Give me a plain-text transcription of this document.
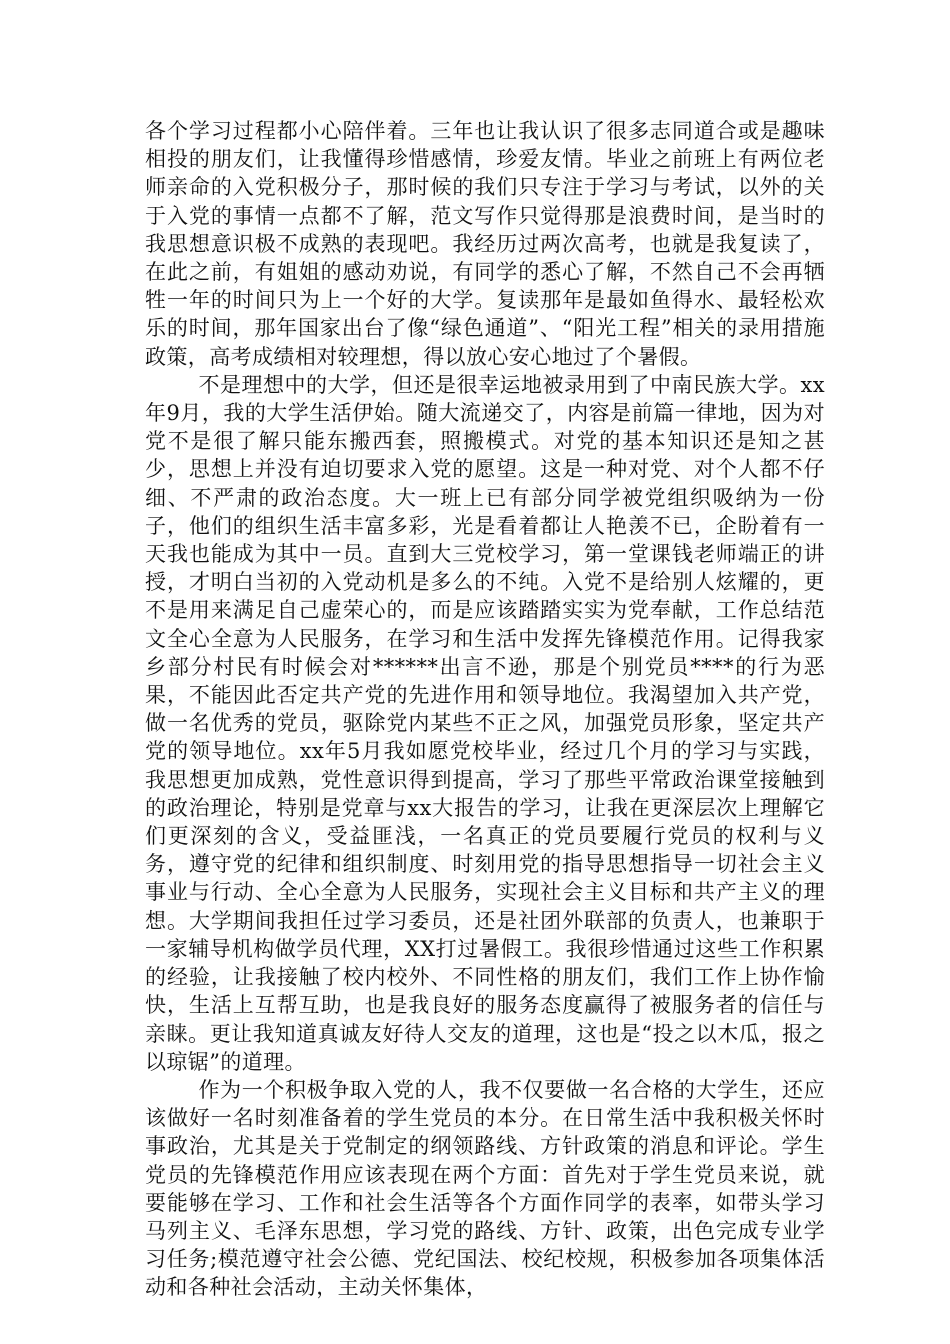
各个学习过程都小心陪伴着。三年也让我认识了很多志同道合或是趣味相投的朋友们，让我懂得珍惜感情，珍爱友情。毕业之前班上有两位老师亲命的入党积极分子，那时候的我们只专注于学习与考试，以外的关于入党的事情一点都不了解，范文写作只觉得那是浪费时间，是当时的我思想意识极不成熟的表现吧。我经历过两次高考，也就是我复读了，在此之前，有姐姐的感动劝说，有同学的悉心了解，不然自己不会再牺牲一年的时间只为上一个好的大学。复读那年是最如鱼得水、最轻松欢乐的时间，那年国家出台了像“绿色通道”、“阳光工程”相关的录用措施政策，高考成绩相对较理想，得以放心安心地过了个暑假。

不是理想中的大学，但还是很幸运地被录用到了中南民族大学。xx年9月，我的大学生活伊始。随大流递交了，内容是前篇一律地，因为对党不是很了解只能东搬西套，照搬模式。对党的基本知识还是知之甚少，思想上并没有迫切要求入党的愿望。这是一种对党、对个人都不仔细、不严肃的政治态度。大一班上已有部分同学被党组织吸纳为一份子，他们的组织生活丰富多彩，光是看着都让人艳羡不已，企盼着有一天我也能成为其中一员。直到大三党校学习，第一堂课钱老师端正的讲授，才明白当初的入党动机是多么的不纯。入党不是给别人炫耀的，更不是用来满足自己虚荣心的，而是应该踏踏实实为党奉献，工作总结范文全心全意为人民服务，在学习和生活中发挥先锋模范作用。记得我家乡部分村民有时候会对******出言不逊，那是个别党员****的行为恶果，不能因此否定共产党的先进作用和领导地位。我渴望加入共产党，做一名优秀的党员，驱除党内某些不正之风，加强党员形象，坚定共产党的领导地位。xx年5月我如愿党校毕业，经过几个月的学习与实践，我思想更加成熟，党性意识得到提高，学习了那些平常政治课堂接触到的政治理论，特别是党章与xx大报告的学习，让我在更深层次上理解它们更深刻的含义，受益匪浅，一名真正的党员要履行党员的权利与义务，遵守党的纪律和组织制度、时刻用党的指导思想指导一切社会主义事业与行动、全心全意为人民服务，实现社会主义目标和共产主义的理想。大学期间我担任过学习委员，还是社团外联部的负责人，也兼职于一家辅导机构做学员代理，XX打过暑假工。我很珍惜通过这些工作积累的经验，让我接触了校内校外、不同性格的朋友们，我们工作上协作愉快，生活上互帮互助，也是我良好的服务态度赢得了被服务者的信任与亲睐。更让我知道真诚友好待人交友的道理，这也是“投之以木瓜，报之以琼锯”的道理。

作为一个积极争取入党的人，我不仅要做一名合格的大学生，还应该做好一名时刻准备着的学生党员的本分。在日常生活中我积极关怀时事政治，尤其是关于党制定的纲领路线、方针政策的消息和评论。学生党员的先锋模范作用应该表现在两个方面：首先对于学生党员来说，就要能够在学习、工作和社会生活等各个方面作同学的表率，如带头学习马列主义、毛泽东思想，学习党的路线、方针、政策，出色完成专业学习任务;模范遵守社会公德、党纪国法、校纪校规，积极参加各项集体活动和各种社会活动，主动关怀集体，
